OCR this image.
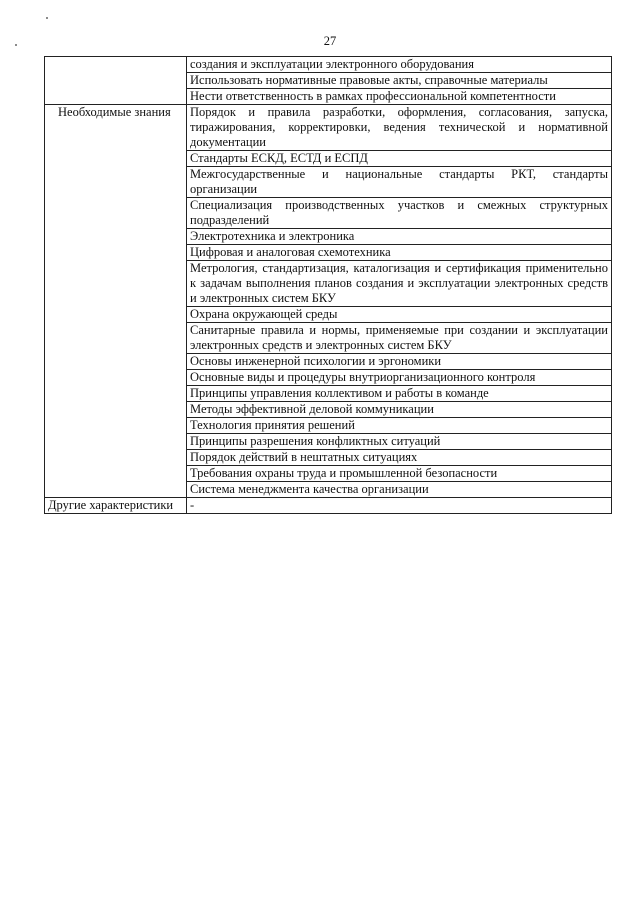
27
	создания и эксплуатации электронного оборудования
	Использовать нормативные правовые акты, справочные материалы
	Нести ответственность в рамках профессиональной компетентности
Необходимые знания	Порядок и правила разработки, оформления, согласования, запуска, тиражирования, корректировки, ведения технической и нормативной документации
	Стандарты ЕСКД, ЕСТД и ЕСПД
	Межгосударственные и национальные стандарты РКТ, стандарты организации
	Специализация производственных участков и смежных структурных подразделений
	Электротехника и электроника
	Цифровая и аналоговая схемотехника
	Метрология, стандартизация, каталогизация и сертификация применительно к задачам выполнения планов создания и эксплуатации электронных средств и электронных систем БКУ
	Охрана окружающей среды
	Санитарные правила и нормы, применяемые при создании и эксплуатации электронных средств и электронных систем БКУ
	Основы инженерной психологии и эргономики
	Основные виды и процедуры внутриорганизационного контроля
	Принципы управления коллективом и работы в команде
	Методы эффективной деловой коммуникации
	Технология принятия решений
	Принципы разрешения конфликтных ситуаций
	Порядок действий в нештатных ситуациях
	Требования охраны труда и промышленной безопасности
	Система менеджмента качества организации
Другие характеристики	-
